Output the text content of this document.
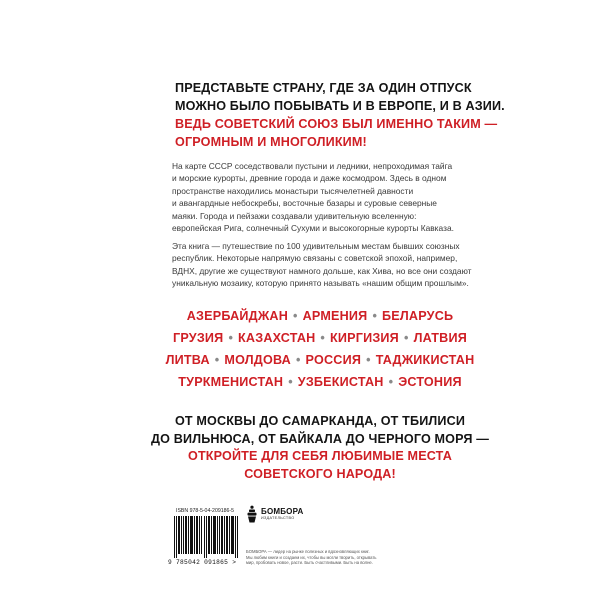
ПРЕДСТАВЬТЕ СТРАНУ, ГДЕ ЗА ОДИН ОТПУСК
МОЖНО БЫЛО ПОБЫВАТЬ И В ЕВРОПЕ, И В АЗИИ.
ВЕДЬ СОВЕТСКИЙ СОЮЗ БЫЛ ИМЕННО ТАКИМ —
ОГРОМНЫМ И МНОГОЛИКИМ!
На карте СССР соседствовали пустыни и ледники, непроходимая тайга
и морские курорты, древние города и даже космодром. Здесь в одном
пространстве находились монастыри тысячелетней давности
и авангардные небоскребы, восточные базары и суровые северные
маяки. Города и пейзажи создавали удивительную вселенную:
европейская Рига, солнечный Сухуми и высокогорные курорты Кавказа.
Эта книга — путешествие по 100 удивительным местам бывших союзных
республик. Некоторые напрямую связаны с советской эпохой, например,
ВДНХ, другие же существуют намного дольше, как Хива, но все они создают
уникальную мозаику, которую принято называть «нашим общим прошлым».
АЗЕРБАЙДЖАН • АРМЕНИЯ • БЕЛАРУСЬ
ГРУЗИЯ • КАЗАХСТАН • КИРГИЗИЯ • ЛАТВИЯ
ЛИТВА • МОЛДОВА • РОССИЯ • ТАДЖИКИСТАН
ТУРКМЕНИСТАН • УЗБЕКИСТАН • ЭСТОНИЯ
ОТ МОСКВЫ ДО САМАРКАНДА, ОТ ТБИЛИСИ
ДО ВИЛЬНЮСА, ОТ БАЙКАЛА ДО ЧЕРНОГО МОРЯ —
ОТКРОЙТЕ ДЛЯ СЕБЯ ЛЮБИМЫЕ МЕСТА
СОВЕТСКОГО НАРОДА!
ISBN 978-5-04-209186-5
9 785042 091865 >
БОМБОРА
ИЗДАТЕЛЬСТВО
БОМБОРА — лидер на рынке полезных и вдохновляющих книг.
Мы любим книги и создаем их, чтобы вы могли творить, открывать
мир, пробовать новое, расти. Быть счастливыми. Быть на волне.
